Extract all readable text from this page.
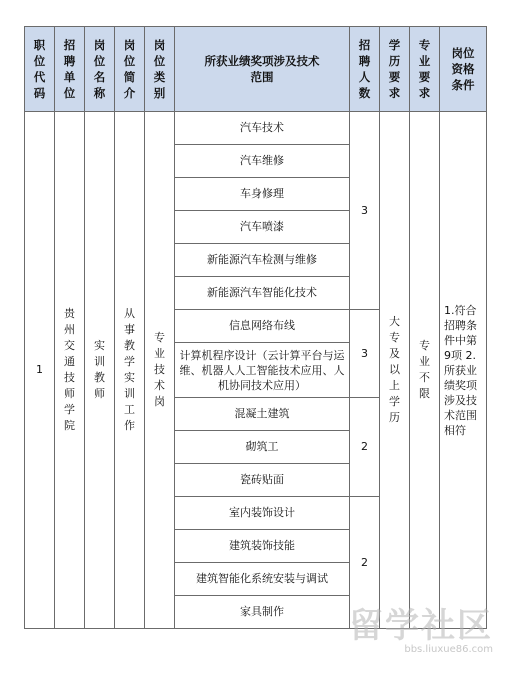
职位代码	招聘单位	岗位名称	岗位简介	岗位类别	所获业绩奖项涉及技术范围	招聘人数	学历要求	专业要求	岗位资格条件
1	贵州交通技师学院	实训教师	从事教学实训工作	专业技术岗	汽车技术	3	大专及以上学历	专业不限	1.符合招聘条件中第9项 2.所获业绩奖项涉及技术范围相符
					汽车维修				
					车身修理				
					汽车喷漆				
					新能源汽车检测与维修				
					新能源汽车智能化技术				
					信息网络布线	3			
					计算机程序设计（云计算平台与运维、机器人人工智能技术应用、人机协同技术应用）				
					混凝土建筑	2			
					砌筑工				
					瓷砖贴面				
					室内装饰设计	2			
					建筑装饰技能				
					建筑智能化系统安装与调试				
					家具制作				留学社区
bbs.liuxue86.com
